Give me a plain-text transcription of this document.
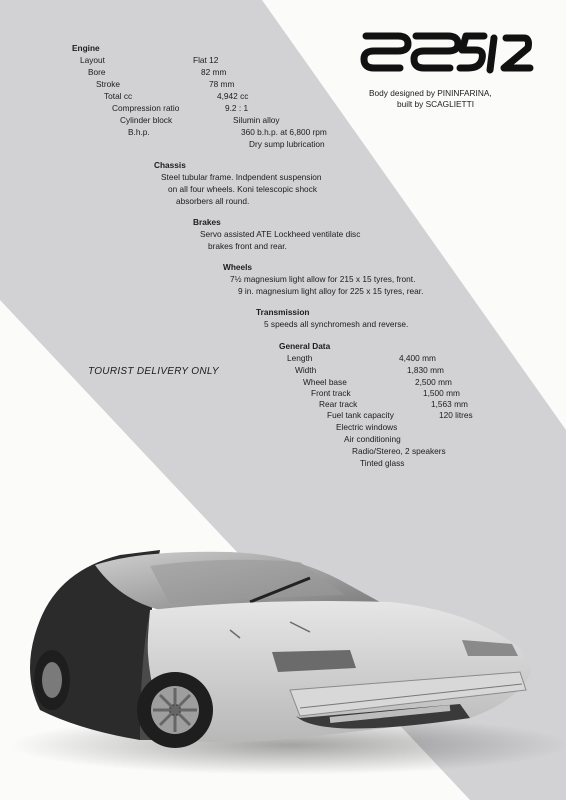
Body designed by PININFARINA,
built by SCAGLIETTI
Engine
Layout	Flat 12
Bore	82 mm
Stroke	78 mm
Total cc	4,942 cc
Compression ratio	9.2 : 1
Cylinder block	Silumin alloy
B.h.p.	360 b.h.p. at 6,800 rpm
Dry sump lubrication
Chassis
Steel tubular frame. Indpendent suspension
on all four wheels. Koni telescopic shock
absorbers all round.
Brakes
Servo assisted ATE Lockheed ventilate disc
brakes front and rear.
Wheels
7½ magnesium light allow for 215 x 15 tyres, front.
9 in. magnesium light alloy for 225 x 15 tyres, rear.
Transmission
5 speeds all synchromesh and reverse.
General Data
Length	4,400 mm
Width	1,830 mm
Wheel base	2,500 mm
Front track	1,500 mm
Rear track	1,563 mm
Fuel tank capacity	120 litres
Electric windows
Air conditioning
Radio/Stereo, 2 speakers
Tinted glass
TOURIST DELIVERY ONLY
